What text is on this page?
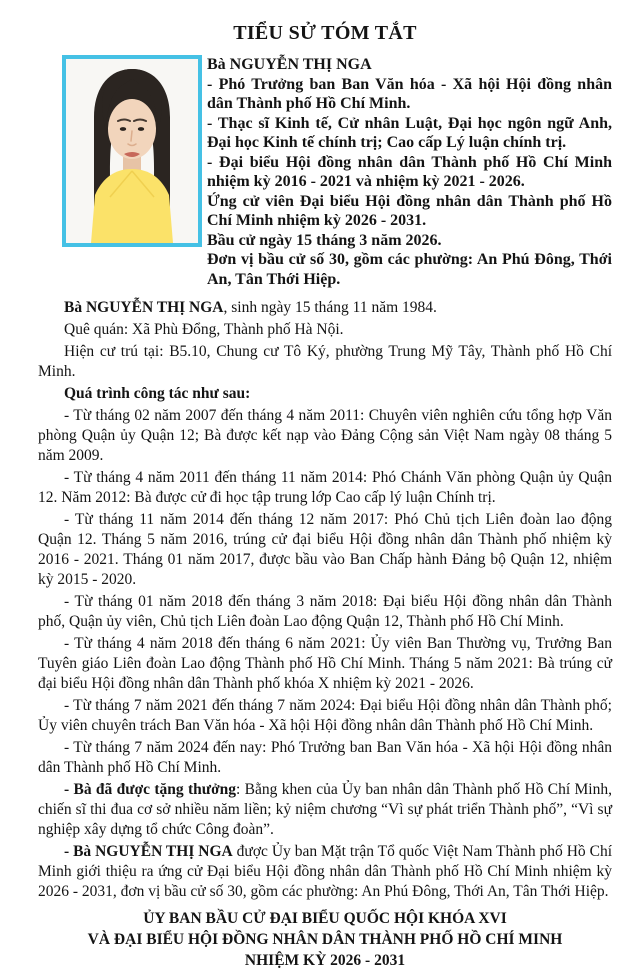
TIỂU SỬ TÓM TẮT

Bà NGUYỄN THỊ NGA

- Phó Trưởng ban Ban Văn hóa - Xã hội Hội đồng nhân dân Thành phố Hồ Chí Minh.

- Thạc sĩ Kinh tế, Cử nhân Luật, Đại học ngôn ngữ Anh, Đại học Kinh tế chính trị; Cao cấp Lý luận chính trị.

- Đại biểu Hội đồng nhân dân Thành phố Hồ Chí Minh nhiệm kỳ 2016 - 2021 và nhiệm kỳ 2021 - 2026.

Ứng cử viên Đại biểu Hội đồng nhân dân Thành phố Hồ Chí Minh nhiệm kỳ 2026 - 2031.

Bầu cử ngày 15 tháng 3 năm 2026.

Đơn vị bầu cử số 30, gồm các phường: An Phú Đông, Thới An, Tân Thới Hiệp.

Bà NGUYỄN THỊ NGA, sinh ngày 15 tháng 11 năm 1984.

Quê quán: Xã Phù Đổng, Thành phố Hà Nội.

Hiện cư trú tại: B5.10, Chung cư Tô Ký, phường Trung Mỹ Tây, Thành phố Hồ Chí Minh.

Quá trình công tác như sau:

- Từ tháng 02 năm 2007 đến tháng 4 năm 2011: Chuyên viên nghiên cứu tổng hợp Văn phòng Quận ủy Quận 12; Bà được kết nạp vào Đảng Cộng sản Việt Nam ngày 08 tháng 5 năm 2009.

- Từ tháng 4 năm 2011 đến tháng 11 năm 2014: Phó Chánh Văn phòng Quận ủy Quận 12. Năm 2012: Bà được cử đi học tập trung lớp Cao cấp lý luận Chính trị.

- Từ tháng 11 năm 2014 đến tháng 12 năm 2017: Phó Chủ tịch Liên đoàn lao động Quận 12. Tháng 5 năm 2016, trúng cử đại biểu Hội đồng nhân dân Thành phố nhiệm kỳ 2016 - 2021. Tháng 01 năm 2017, được bầu vào Ban Chấp hành Đảng bộ Quận 12, nhiệm kỳ 2015 - 2020.

- Từ tháng 01 năm 2018 đến tháng 3 năm 2018: Đại biểu Hội đồng nhân dân Thành phố, Quận ủy viên, Chủ tịch Liên đoàn Lao động Quận 12, Thành phố Hồ Chí Minh.

- Từ tháng 4 năm 2018 đến tháng 6 năm 2021: Ủy viên Ban Thường vụ, Trưởng Ban Tuyên giáo Liên đoàn Lao động Thành phố Hồ Chí Minh. Tháng 5 năm 2021: Bà trúng cử đại biểu Hội đồng nhân dân Thành phố khóa X nhiệm kỳ 2021 - 2026.

- Từ tháng 7 năm 2021 đến tháng 7 năm 2024: Đại biểu Hội đồng nhân dân Thành phố; Ủy viên chuyên trách Ban Văn hóa - Xã hội Hội đồng nhân dân Thành phố Hồ Chí Minh.

- Từ tháng 7 năm 2024 đến nay: Phó Trưởng ban Ban Văn hóa - Xã hội Hội đồng nhân dân Thành phố Hồ Chí Minh.

- Bà đã được tặng thưởng: Bằng khen của Ủy ban nhân dân Thành phố Hồ Chí Minh, chiến sĩ thi đua cơ sở nhiều năm liền; kỷ niệm chương “Vì sự phát triển Thành phố”, “Vì sự nghiệp xây dựng tổ chức Công đoàn”.

- Bà NGUYỄN THỊ NGA được Ủy ban Mặt trận Tổ quốc Việt Nam Thành phố Hồ Chí Minh giới thiệu ra ứng cử Đại biểu Hội đồng nhân dân Thành phố Hồ Chí Minh nhiệm kỳ 2026 - 2031, đơn vị bầu cử số 30, gồm các phường: An Phú Đông, Thới An, Tân Thới Hiệp.

ỦY BAN BẦU CỬ ĐẠI BIỂU QUỐC HỘI KHÓA XVI

VÀ ĐẠI BIỂU HỘI ĐỒNG NHÂN DÂN THÀNH PHỐ HỒ CHÍ MINH

NHIỆM KỲ 2026 - 2031
